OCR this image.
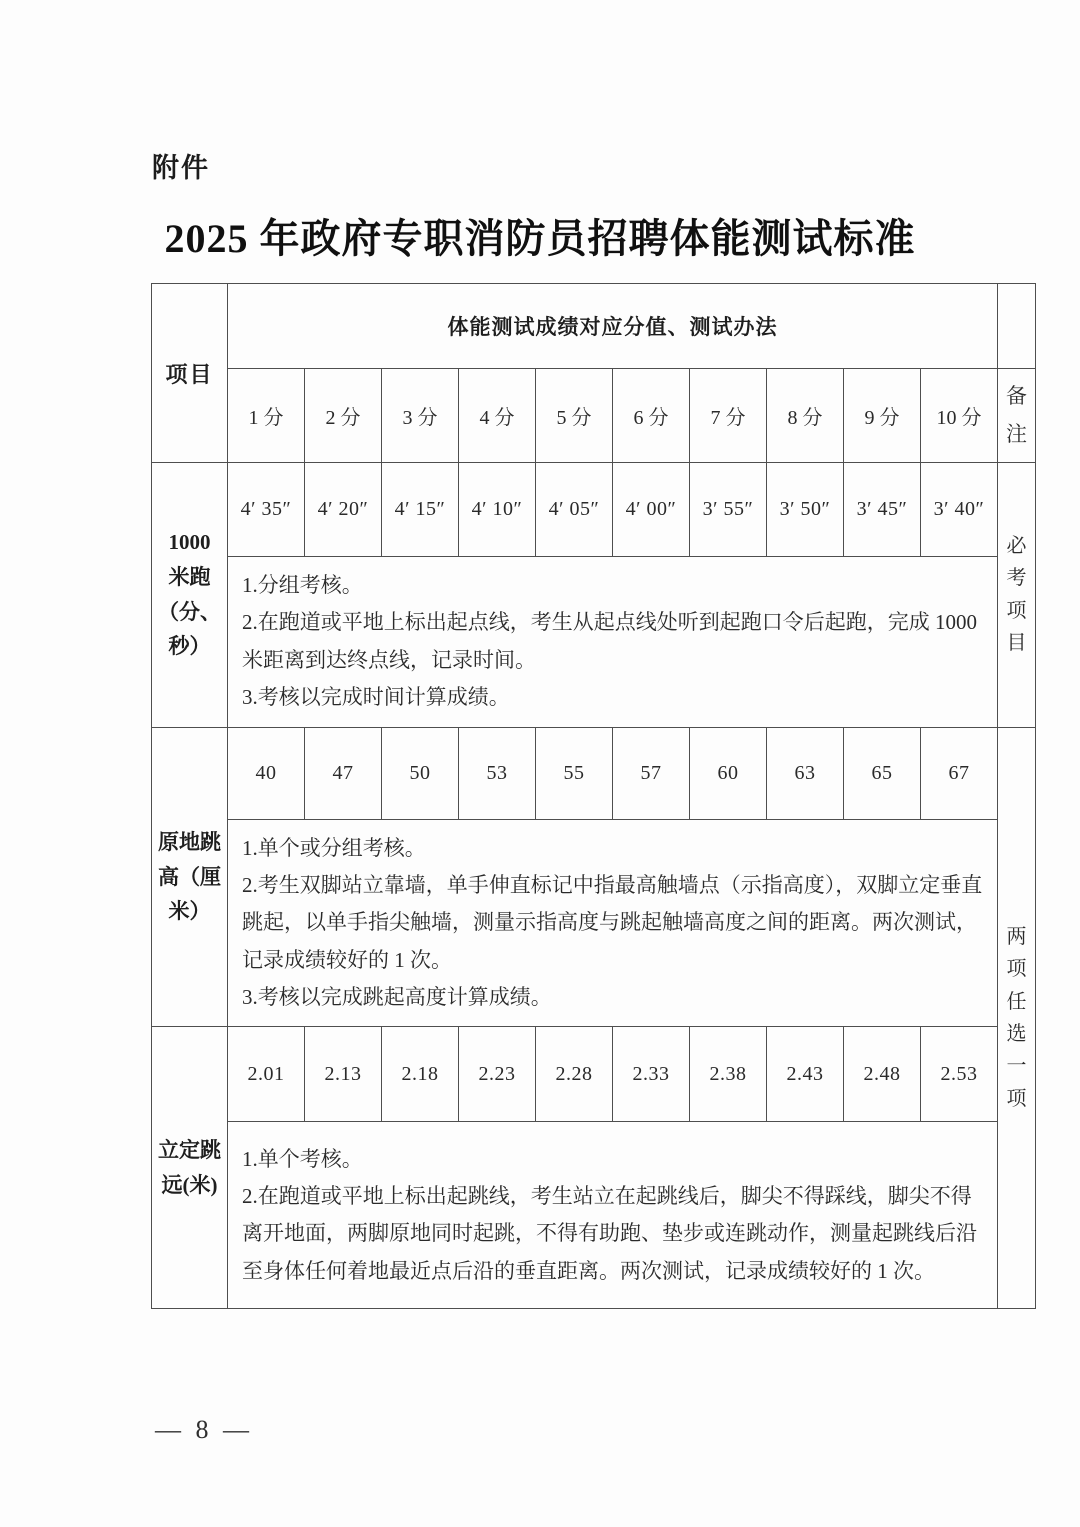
附件
2025 年政府专职消防员招聘体能测试标准
项目	体能测试成绩对应分值、测试办法										
	1 分	2 分	3 分	4 分	5 分	6 分	7 分	8 分	9 分	10 分	备注

1000
米跑
（分、
秒）	4′ 35″	4′ 20″	4′ 15″	4′ 10″	4′ 05″	4′ 00″	3′ 55″	3′ 50″	3′ 45″	3′ 40″	必考项目

	1.分组考核。
2.在跑道或平地上标出起点线，考生从起点线处听到起跑口令后起跑，完成 1000 米距离到达终点线，记录时间。
3.考核以完成时间计算成绩。										
原地跳
高（厘
米）	40	47	50	53	55	57	60	63	65	67	两项任选一项

	1.单个或分组考核。
2.考生双脚站立靠墙，单手伸直标记中指最高触墙点（示指高度），双脚立定垂直跳起，以单手指尖触墙，测量示指高度与跳起触墙高度之间的距离。两次测试，记录成绩较好的 1 次。
3.考核以完成跳起高度计算成绩。										
立定跳
远(米)	2.01	2.13	2.18	2.23	2.28	2.33	2.38	2.43	2.48	2.53	
	1.单个考核。
2.在跑道或平地上标出起跳线，考生站立在起跳线后，脚尖不得踩线，脚尖不得离开地面，两脚原地同时起跳，不得有助跑、垫步或连跳动作，测量起跳线后沿至身体任何着地最近点后沿的垂直距离。两次测试，记录成绩较好的 1 次。										
— 8 —
